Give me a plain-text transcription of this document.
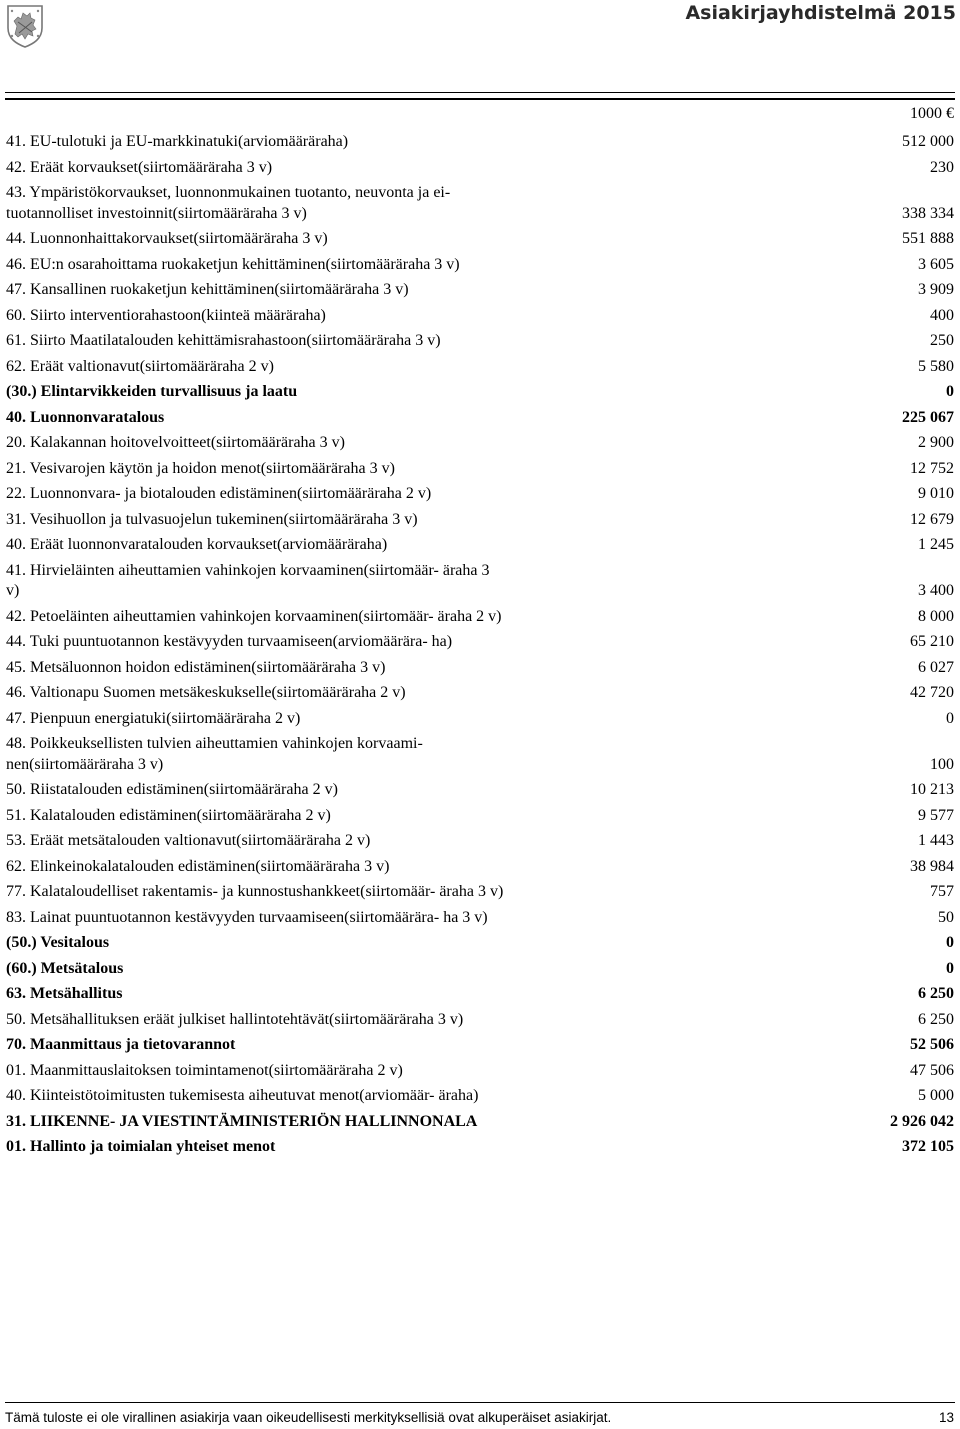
Asiakirjayhdistelmä 2015
1000 €
41. EU-tulotuki ja EU-markkinatuki(arviomääräraha)	512 000
42. Eräät korvaukset(siirtomääräraha 3 v)	230
43. Ympäristökorvaukset, luonnonmukainen tuotanto, neuvonta ja ei-tuotannolliset investoinnit(siirtomääräraha 3 v)	338 334
44. Luonnonhaittakorvaukset(siirtomääräraha 3 v)	551 888
46. EU:n osarahoittama ruokaketjun kehittäminen(siirtomääräraha 3 v)	3 605
47. Kansallinen ruokaketjun kehittäminen(siirtomääräraha 3 v)	3 909
60. Siirto interventiorahastoon(kiinteä määräraha)	400
61. Siirto Maatilatalouden kehittämisrahastoon(siirtomääräraha 3 v)	250
62. Eräät valtionavut(siirtomääräraha 2 v)	5 580
(30.) Elintarvikkeiden turvallisuus ja laatu	0
40. Luonnonvaratalous	225 067
20. Kalakannan hoitovelvoitteet(siirtomääräraha 3 v)	2 900
21. Vesivarojen käytön ja hoidon menot(siirtomääräraha 3 v)	12 752
22. Luonnonvara- ja biotalouden edistäminen(siirtomääräraha 2 v)	9 010
31. Vesihuollon ja tulvasuojelun tukeminen(siirtomääräraha 3 v)	12 679
40. Eräät luonnonvaratalouden korvaukset(arviomääräraha)	1 245
41. Hirvieläinten aiheuttamien vahinkojen korvaaminen(siirtomäär- äraha 3 v)	3 400
42. Petoeläinten aiheuttamien vahinkojen korvaaminen(siirtomäär- äraha 2 v)	8 000
44. Tuki puuntuotannon kestävyyden turvaamiseen(arviomäärära- ha)	65 210
45. Metsäluonnon hoidon edistäminen(siirtomääräraha 3 v)	6 027
46. Valtionapu Suomen metsäkeskukselle(siirtomääräraha 2 v)	42 720
47. Pienpuun energiatuki(siirtomääräraha 2 v)	0
48. Poikkeuksellisten tulvien aiheuttamien vahinkojen korvaami- nen(siirtomääräraha 3 v)	100
50. Riistatalouden edistäminen(siirtomääräraha 2 v)	10 213
51. Kalatalouden edistäminen(siirtomääräraha 2 v)	9 577
53. Eräät metsätalouden valtionavut(siirtomääräraha 2 v)	1 443
62. Elinkeinokalatalouden edistäminen(siirtomääräraha 3 v)	38 984
77. Kalataloudelliset rakentamis- ja kunnostushankkeet(siirtomäär- äraha 3 v)	757
83. Lainat puuntuotannon kestävyyden turvaamiseen(siirtomäärära- ha 3 v)	50
(50.) Vesitalous	0
(60.) Metsätalous	0
63. Metsähallitus	6 250
50. Metsähallituksen eräät julkiset hallintotehtävät(siirtomääräraha 3 v)	6 250
70. Maanmittaus ja tietovarannot	52 506
01. Maanmittauslaitoksen toimintamenot(siirtomääräraha 2 v)	47 506
40. Kiinteistötoimitusten tukemisesta aiheutuvat menot(arviomäär- äraha)	5 000
31. LIIKENNE- JA VIESTINTÄMINISTERIÖN HALLINNONALA	2 926 042
01. Hallinto ja toimialan yhteiset menot	372 105
Tämä tuloste ei ole virallinen asiakirja vaan oikeudellisesti merkityksellisiä ovat alkuperäiset asiakirjat.	13
